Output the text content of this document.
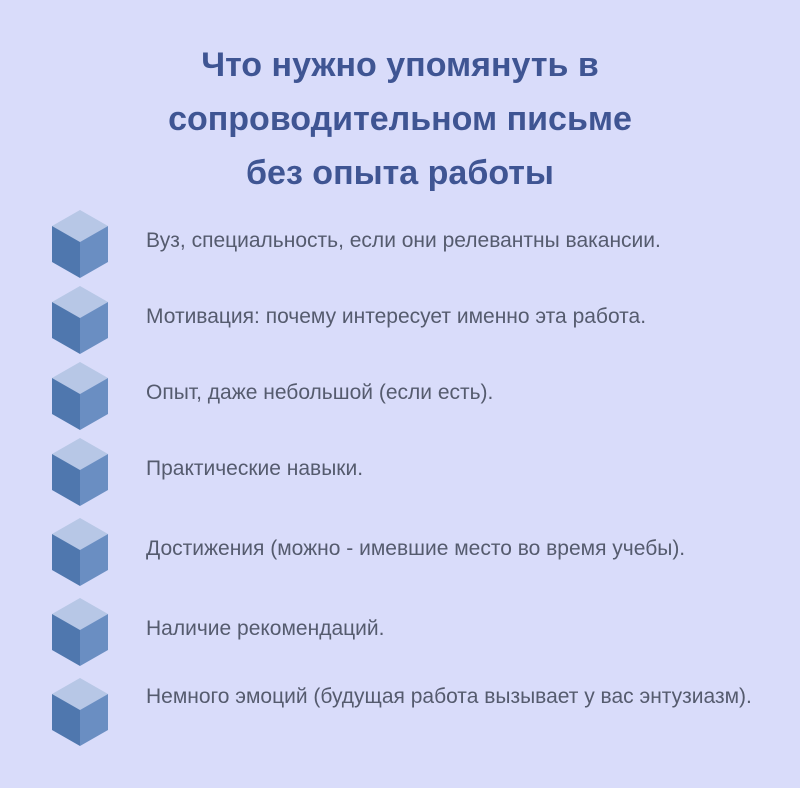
Что нужно упомянуть в
сопроводительном письме
без опыта работы

Вуз, специальность, если они релевантны вакансии.

Мотивация: почему интересует именно эта работа.

Опыт, даже небольшой (если есть).

Практические навыки.

Достижения (можно - имевшие место во время учебы).

Наличие рекомендаций.

Немного эмоций (будущая работа вызывает у вас энтузиазм).
